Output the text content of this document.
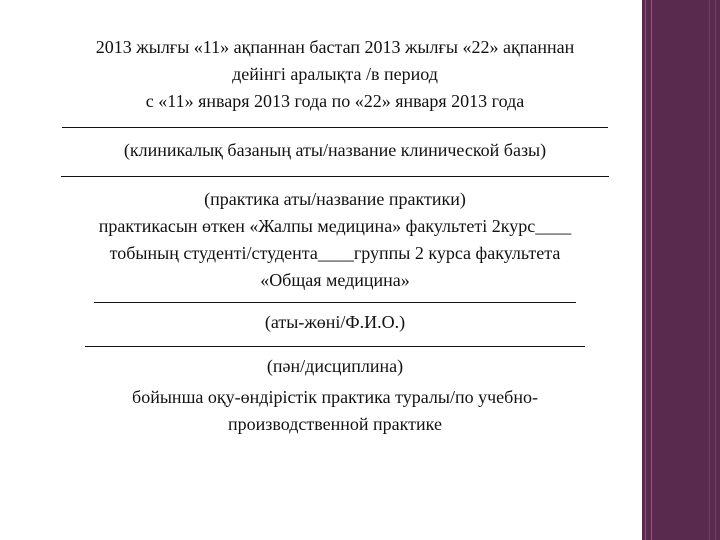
2013 жылғы «11» ақпаннан бастап 2013 жылғы «22» ақпаннан
дейінгі аралықта /в период
с «11» января 2013 года по «22» января 2013 года
(клиникалық базаның аты/название клинической базы)
(практика аты/название практики)
практикасын өткен «Жалпы медицина» факультеті 2курс____
тобының студенті/студента____группы 2 курса факультета
«Общая медицина»
(аты-жөні/Ф.И.О.)
(пән/дисциплина)
бойынша оқу-өндірістік практика туралы/по учебно-
производственной практике
